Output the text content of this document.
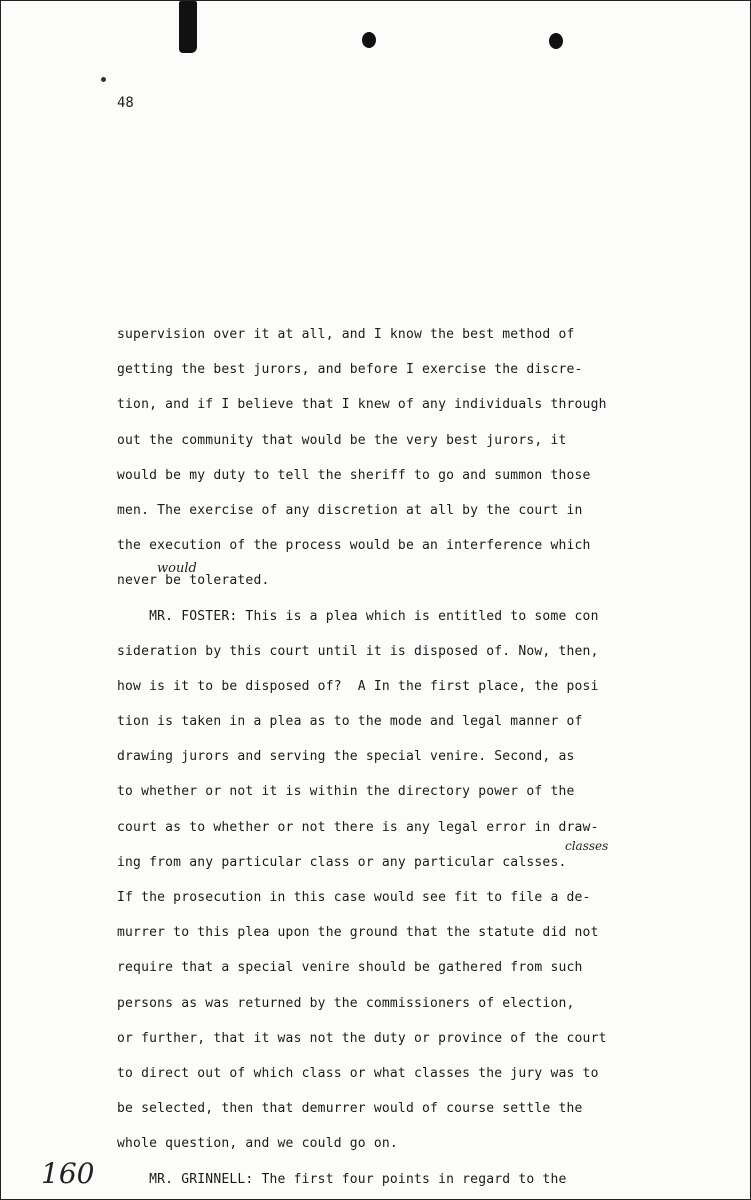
48
supervision over it at all, and I know the best method of
getting the best jurors, and before I exercise the discre-
tion, and if I believe that I knew of any individuals through
out the community that would be the very best jurors, it
would be my duty to tell the sheriff to go and summon those
men. The exercise of any discretion at all by the court in
the execution of the process would be an interference which
never be tolerated.
MR. FOSTER: This is a plea which is entitled to some con
sideration by this court until it is disposed of. Now, then,
how is it to be disposed of?  A In the first place, the posi
tion is taken in a plea as to the mode and legal manner of
drawing jurors and serving the special venire. Second, as
to whether or not it is within the directory power of the
court as to whether or not there is any legal error in draw-
ing from any particular class or any particular calsses.
If the prosecution in this case would see fit to file a de-
murrer to this plea upon the ground that the statute did not
require that a special venire should be gathered from such
persons as was returned by the commissioners of election,
or further, that it was not the duty or province of the court
to direct out of which class or what classes the jury was to
be selected, then that demurrer would of course settle the
whole question, and we could go on.
MR. GRINNELL: The first four points in regard to the
would
classes
160
